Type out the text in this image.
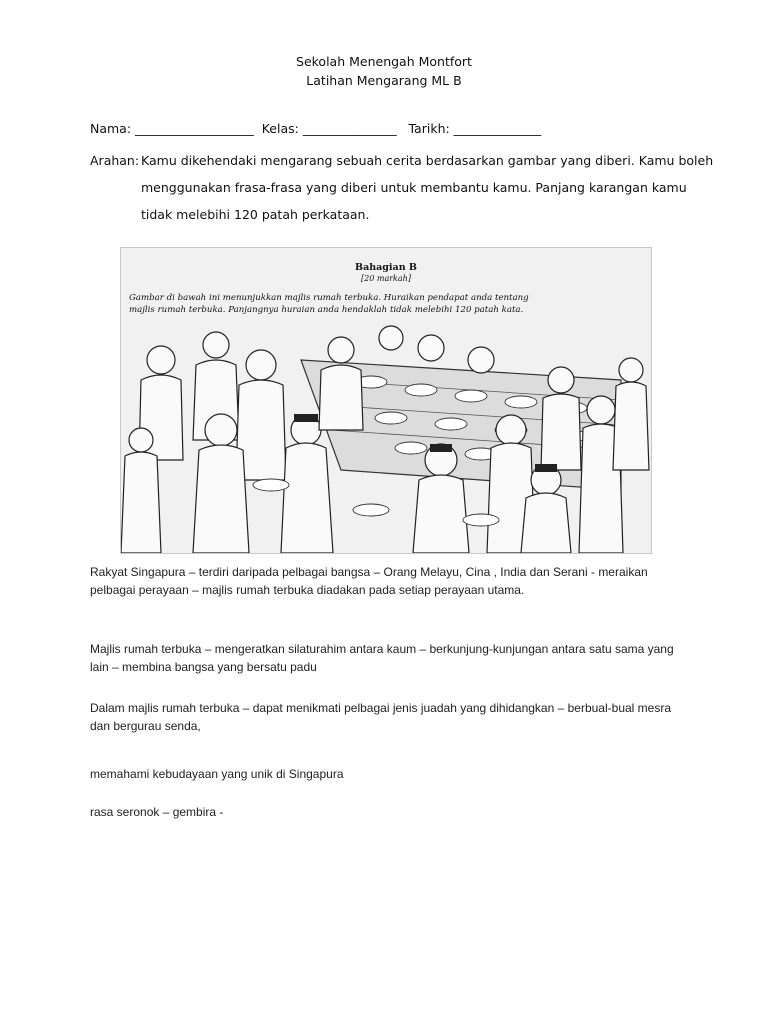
Sekolah Menengah Montfort
Latihan Mengarang ML B
Nama: ___________________  Kelas: _______________   Tarikh: ______________
Arahan: Kamu dikehendaki mengarang sebuah cerita berdasarkan gambar yang diberi. Kamu boleh
menggunakan frasa-frasa yang diberi untuk membantu kamu. Panjang karangan kamu
tidak melebihi 120 patah perkataan.
Bahagian B
[20 markah]
Gambar di bawah ini menunjukkan majlis rumah terbuka. Huraikan pendapat anda tentang
majlis rumah terbuka. Panjangnya huraian anda hendaklah tidak melebihi 120 patah kata.
Rakyat Singapura – terdiri daripada pelbagai bangsa – Orang Melayu, Cina , India dan Serani - meraikan pelbagai perayaan – majlis rumah terbuka diadakan pada setiap perayaan utama.
Majlis rumah terbuka – mengeratkan silaturahim antara kaum – berkunjung-kunjungan antara satu sama yang lain – membina bangsa yang bersatu padu
Dalam majlis rumah terbuka – dapat menikmati pelbagai jenis juadah yang dihidangkan – berbual-bual mesra dan bergurau senda,
memahami kebudayaan yang unik di Singapura
rasa seronok – gembira -
